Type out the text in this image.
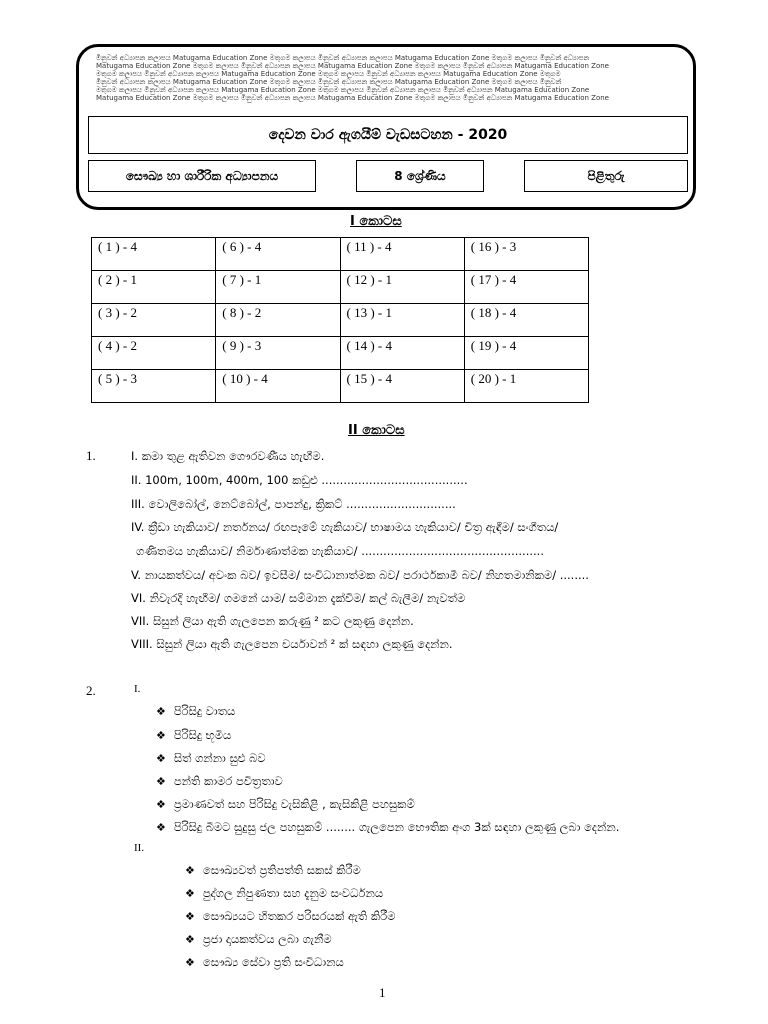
මිනුවන් අධ්‍යාපන කලාපය Matugama Education Zone මතුගම කලාපය මිනුවන් අධ්‍යාපන කලාපය Matugama Education Zone මතුගම කලාපය මිනුවන් අධ්‍යාපන
Matugama Education Zone මතුගම කලාපය මිනුවන් අධ්‍යාපන කලාපය Matugama Education Zone මතුගම කලාපය මිනුවන් අධ්‍යාපන Matugama Education Zone
මතුගම කලාපය මිනුවන් අධ්‍යාපන කලාපය Matugama Education Zone මතුගම කලාපය මිනුවන් අධ්‍යාපන කලාපය Matugama Education Zone මතුගම
මිනුවන් අධ්‍යාපන කලාපය Matugama Education Zone මතුගම කලාපය මිනුවන් අධ්‍යාපන කලාපය Matugama Education Zone මතුගම කලාපය මිනුවන්
මතුගම කලාපය මිනුවන් අධ්‍යාපන කලාපය Matugama Education Zone මතුගම කලාපය මිනුවන් අධ්‍යාපන කලාපය මිනුවන් අධ්‍යාපන Matugama Education Zone
Matugama Education Zone මතුගම කලාපය මිනුවන් අධ්‍යාපන කලාපය Matugama Education Zone මතුගම කලාපය මිනුවන් අධ්‍යාපන Matugama Education Zone
දෙවන වාර ඇගයීම් වැඩසටහන - 2020
සෞඛ්‍ය හා ශාරීරික අධ්‍යාපනය	8 ශ්‍රේණිය	පිළිතුරු
I කොටස
( 1 ) - 4	( 6 ) - 4	( 11 ) - 4	( 16 ) - 3
( 2 ) - 1	( 7 ) - 1	( 12 ) - 1	( 17 ) - 4
( 3 ) - 2	( 8 ) - 2	( 13 ) - 1	( 18 ) - 4
( 4 ) - 2	( 9 ) - 3	( 14 ) - 4	( 19 ) - 4
( 5 ) - 3	( 10 ) - 4	( 15 ) - 4	( 20 ) - 1
II කොටස
1.	I. කමා තුළ ඇතිවන ගෞරවණීය හැඟීම.
II. 100m, 100m, 400m, 100 කඩුළු ........................................
III. වොලිබෝල්, නෙට්බෝල්, පාපන්දු, ක්‍රිකට් ..............................
IV. ක්‍රීඩා හැකියාව/ නර්තනය/ රඟපෑමේ හැකියාව/ භාෂාමය හැකියාව/ චිත්‍ර ඇඳීම/ සංගීතය/
ගණිතමය හැකියාව/ නිර්මාණාත්මක හැකියාව/ ..................................................
V. නායකත්වය/ අවංක බව/ ඉවසීම/ සංවිධානාත්මක බව/ පරාර්ථකාමී බව/ නිහතමානිකම/ ........
VI. නිවැරදි හැඟීම/ ගමනේ යාම/ සම්මාන දැක්වීම/ කල් බැලීම/ නැවත්ම
VII. සිසුන් ලියා ඇති ගැලපෙන කරුණු ² කට ලකුණු දෙන්න.
VIII. සිසුන් ලියා ඇති ගැලපෙන චර්යාවන් ² ක් සඳහා ලකුණු දෙන්න.
2.	I.
❖ පිරිසිදු වාතය
❖ පිරිසිදු භූමිය
❖ සිත් ගන්නා සුළු බව
❖ පන්ති කාමර පවිත්‍රතාව
❖ ප්‍රමාණවත් සහ පිරිසිදු වැසිකිළි , කැසිකිළි පහසුකම්
❖ පිරිසිදු බීමට සුදුසු ජල පහසුකම් ........ ගැලපෙන භෞතික අංග 3ක් සඳහා ලකුණු ලබා දෙන්න.
II.
❖ සෞඛ්‍යවත් ප්‍රතිපත්ති සකස් කිරීම
❖ පුද්ගල නිපුණතා සහ දැනුම සංවර්ධනය
❖ සෞඛ්‍යයට හිතකර පරිසරයක් ඇති කිරීම
❖ ප්‍රජා දායකත්වය ලබා ගැනීම
❖ සෞඛ්‍ය සේවා ප්‍රති සංවිධානය
1
